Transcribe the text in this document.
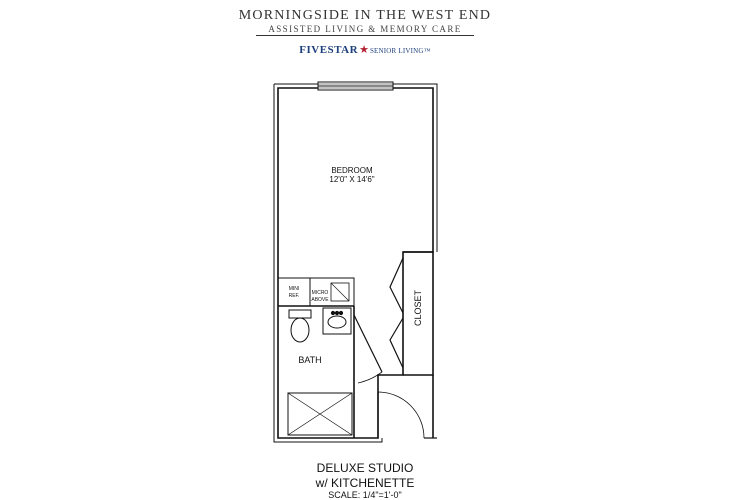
MORNINGSIDE IN THE WEST END
ASSISTED LIVING & MEMORY CARE
FIVESTAR★SENIOR LIVING™
BEDROOM
12'0" X 14'6"
BATH
CLOSET
MINI
REF. MICRO
ABOVE
DELUXE STUDIO
w/ KITCHENETTE
SCALE: 1/4"=1'-0"
